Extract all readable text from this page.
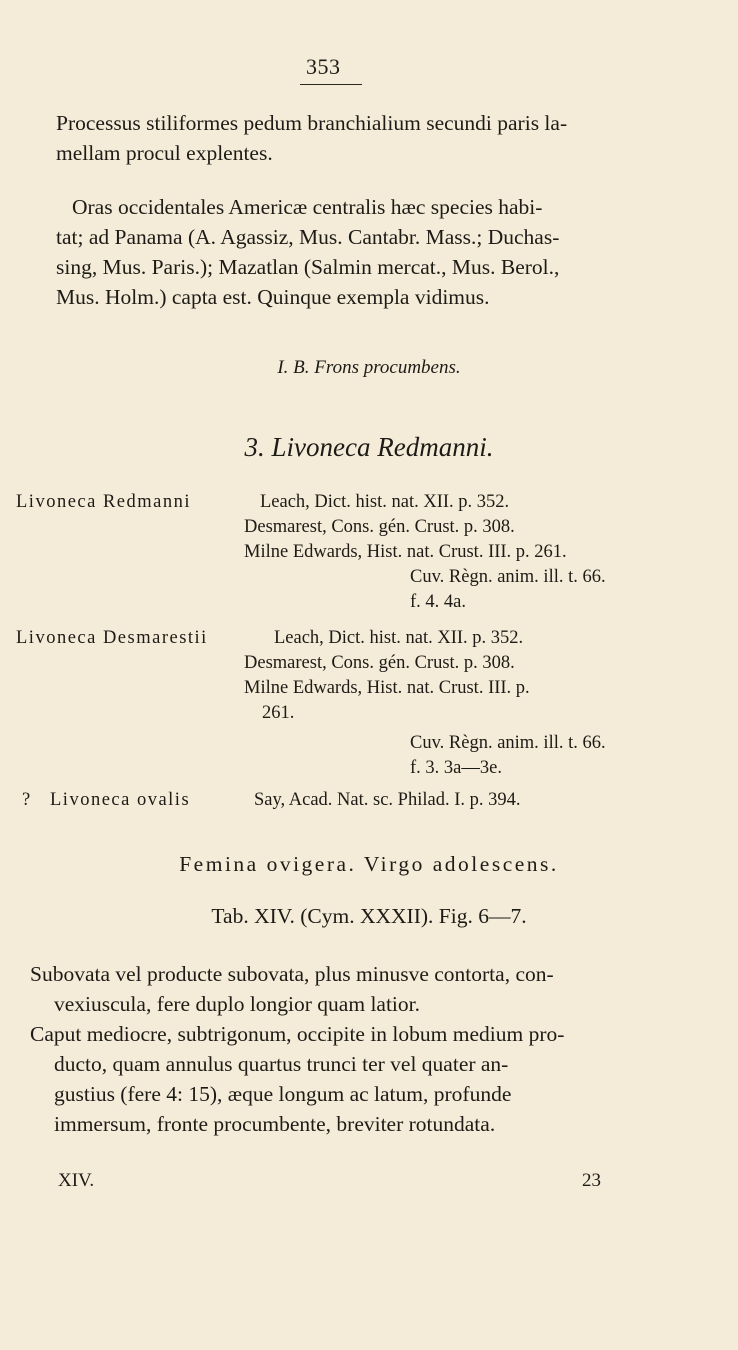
353
Processus stiliformes pedum branchialium secundi paris la-
mellam procul explentes.
Oras occidentales Americæ centralis hæc species habi-
tat; ad Panama (A. Agassiz, Mus. Cantabr. Mass.; Duchas-
sing, Mus. Paris.); Mazatlan (Salmin mercat., Mus. Berol.,
Mus. Holm.) capta est. Quinque exempla vidimus.
I. B. Frons procumbens.
3. Livoneca Redmanni.
Livoneca Redmanni	Leach, Dict. hist. nat. XII. p. 352.
Desmarest, Cons. gén. Crust. p. 308.
Milne Edwards, Hist. nat. Crust. III. p. 261.
Cuv. Règn. anim. ill. t. 66.
f. 4. 4a.
Livoneca Desmarestii	Leach, Dict. hist. nat. XII. p. 352.
Desmarest, Cons. gén. Crust. p. 308.
Milne Edwards, Hist. nat. Crust. III. p.
261.
Cuv. Règn. anim. ill. t. 66.
f. 3. 3a—3e.
? Livoneca ovalis	Say, Acad. Nat. sc. Philad. I. p. 394.
Femina ovigera. Virgo adolescens.
Tab. XIV. (Cym. XXXII). Fig. 6—7.
Subovata vel producte subovata, plus minusve contorta, con-
vexiuscula, fere duplo longior quam latior.
Caput mediocre, subtrigonum, occipite in lobum medium pro-
ducto, quam annulus quartus trunci ter vel quater an-
gustius (fere 4: 15), æque longum ac latum, profunde
immersum, fronte procumbente, breviter rotundata.
XIV.	23
